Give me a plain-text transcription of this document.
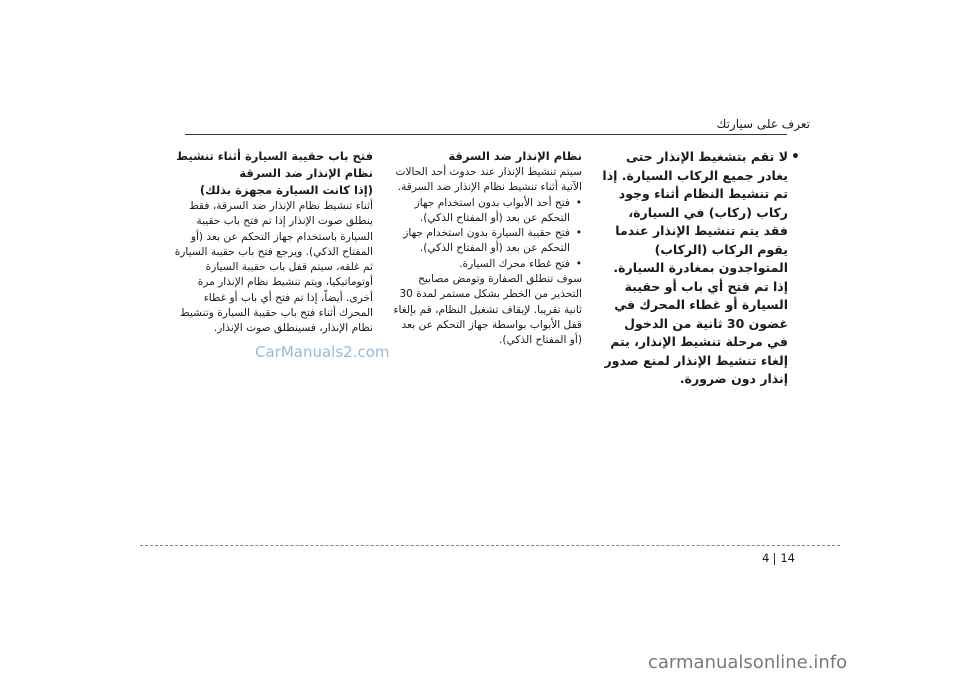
تعرف على سيارتك
• لا تقم بتشغيط الإنذار حتى يغادر جميع الركاب السيارة. إذا تم تنشيط النظام أثناء وجود ركاب (ركاب) في السيارة، فقد يتم تنشيط الإنذار عندما يقوم الركاب (الركاب) المتواجدون بمغادرة السيارة. إذا تم فتح أي باب أو حقيبة السيارة أو غطاء المحرك في غضون 30 ثانية من الدخول في مرحلة تنشيط الإنذار، يتم إلغاء تنشيط الإنذار لمنع صدور إنذار دون ضرورة.
نظام الإنذار ضد السرقة
سيتم تنشيط الإنذار عند حدوث أحد الحالات الآتية أثناء تنشيط نظام الإنذار ضد السرقة.
• فتح أحد الأبواب بدون استخدام جهاز التحكم عن بعد (أو المفتاح الذكي).
• فتح حقيبة السيارة بدون استخدام جهاز التحكم عن بعد (أو المفتاح الذكي).
• فتح غطاء محرك السيارة.
سوف تنطلق الصفارة وتومض مصابيح التحذير من الخطر بشكل مستمر لمدة 30 ثانية تقريبا. لإيقاف تشغيل النظام، قم بإلغاء قفل الأبواب بواسطة جهاز التحكم عن بعد (أو المفتاح الذكي).
فتح باب حقيبة السيارة أثناء تنشيط نظام الإنذار ضد السرقة
(إذا كانت السيارة مجهزة بذلك)
أثناء تنشيط نظام الإنذار ضد السرقة، فقط ينطلق صوت الإنذار إذا تم فتح باب حقيبة السيارة باستخدام جهاز التحكم عن بعد (أو المفتاح الذكي). ويرجع فتح باب حقيبة السيارة ثم غلقه، سيتم قفل باب حقيبة السيارة أوتوماتيكيا، ويتم تنشيط نظام الإنذار مرة أخرى. أيضاً، إذا تم فتح أي باب أو غطاء المحرك أثناء فتح باب حقيبة السيارة وتنشيط نظام الإنذار، فسينطلق صوت الإنذار.
CarManuals2.com
4 14
carmanualsonline.info
